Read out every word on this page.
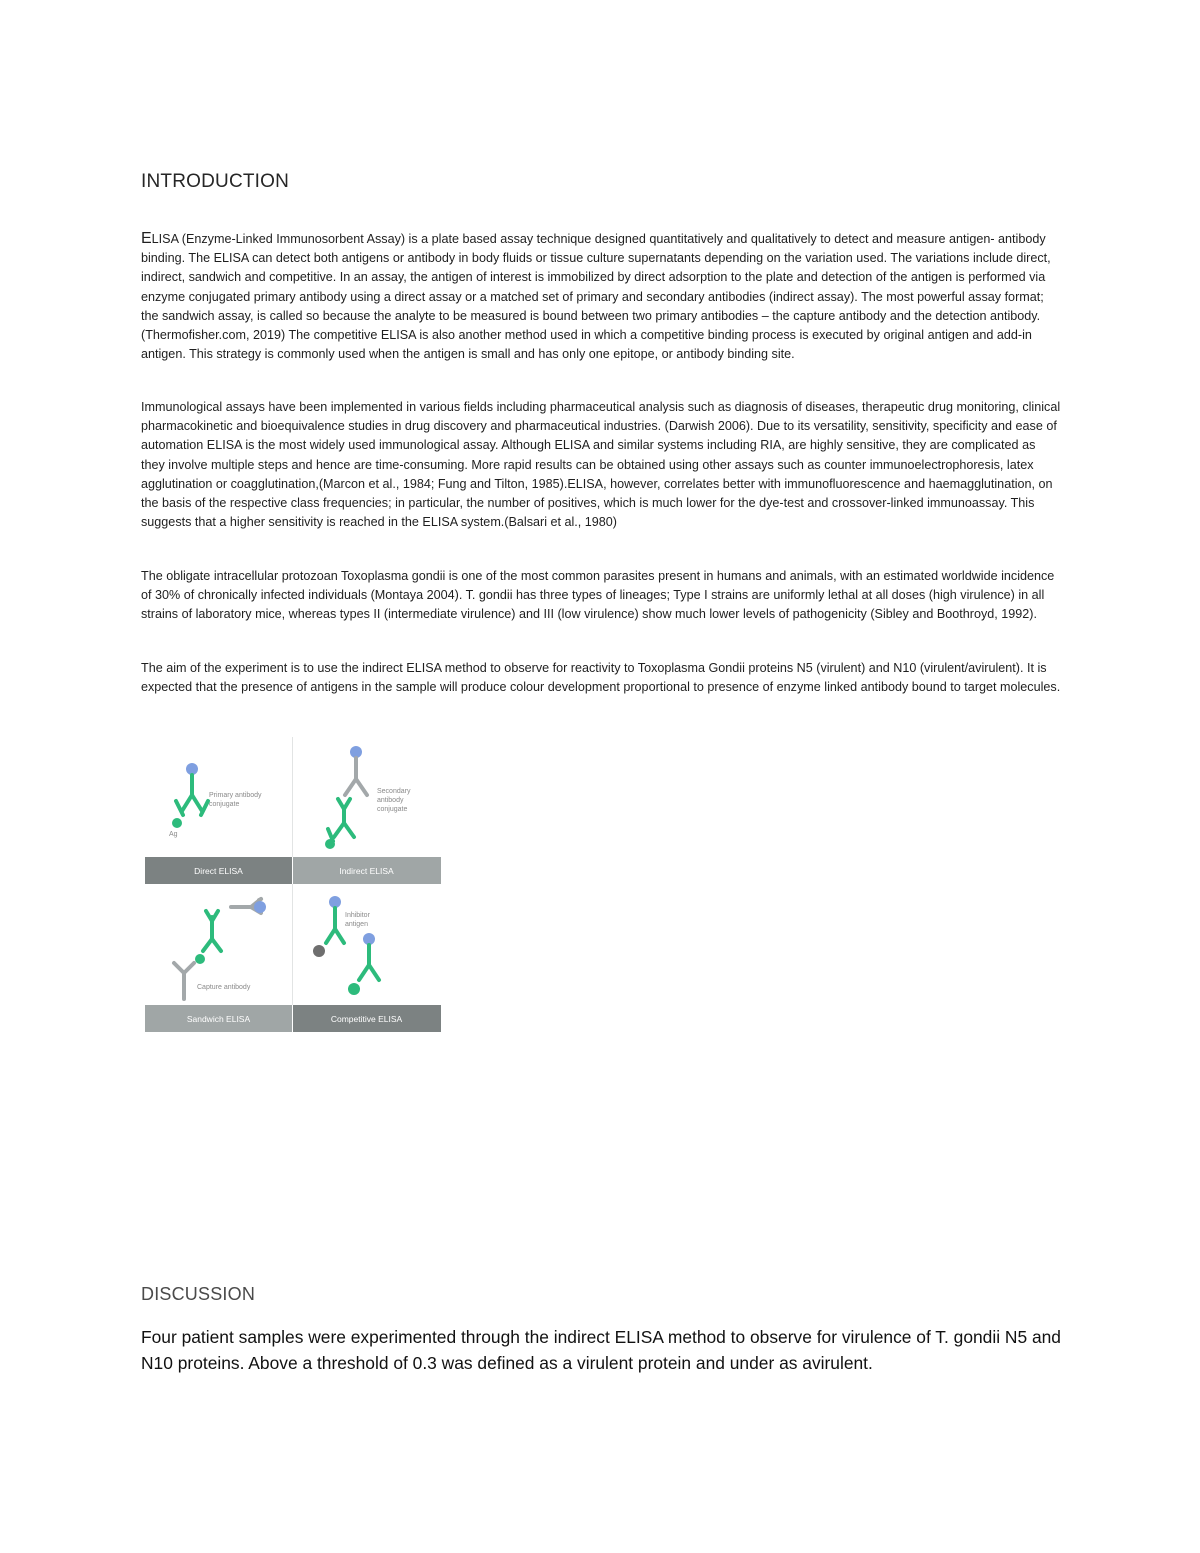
INTRODUCTION

ELISA (Enzyme-Linked Immunosorbent Assay) is a plate based assay technique designed quantitatively and qualitatively to detect and measure antigen- antibody binding. The ELISA can detect both antigens or antibody in body fluids or tissue culture supernatants depending on the variation used. The variations include direct, indirect, sandwich and competitive. In an assay, the antigen of interest is immobilized by direct adsorption to the plate and detection of the antigen is performed via enzyme conjugated primary antibody using a direct assay or a matched set of primary and secondary antibodies (indirect assay). The most powerful assay format; the sandwich assay, is called so because the analyte to be measured is bound between two primary antibodies – the capture antibody and the detection antibody. (Thermofisher.com, 2019) The competitive ELISA is also another method used in which a competitive binding process is executed by original antigen and add-in antigen. This strategy is commonly used when the antigen is small and has only one epitope, or antibody binding site.

Immunological assays have been implemented in various fields including pharmaceutical analysis such as diagnosis of diseases, therapeutic drug monitoring, clinical pharmacokinetic and bioequivalence studies in drug discovery and pharmaceutical industries. (Darwish 2006). Due to its versatility, sensitivity, specificity and ease of automation ELISA is the most widely used immunological assay. Although ELISA and similar systems including RIA, are highly sensitive, they are complicated as they involve multiple steps and hence are time-consuming. More rapid results can be obtained using other assays such as counter immunoelectrophoresis, latex agglutination or coagglutination,(Marcon et al., 1984; Fung and Tilton, 1985).ELISA, however, correlates better with immunofluorescence and haemagglutination, on the basis of the respective class frequencies; in particular, the number of positives, which is much lower for the dye-test and crossover-linked immunoassay. This suggests that a higher sensitivity is reached in the ELISA system.(Balsari et al., 1980)

The obligate intracellular protozoan Toxoplasma gondii is one of the most common parasites present in humans and animals, with an estimated worldwide incidence of 30% of chronically infected individuals (Montaya 2004). T. gondii has three types of lineages; Type I strains are uniformly lethal at all doses (high virulence) in all strains of laboratory mice, whereas types II (intermediate virulence) and III (low virulence) show much lower levels of pathogenicity (Sibley and Boothroyd, 1992).

The aim of the experiment is to use the indirect ELISA method to observe for reactivity to Toxoplasma Gondii proteins N5 (virulent) and N10 (virulent/avirulent). It is expected that the presence of antigens in the sample will produce colour development proportional to presence of enzyme linked antibody bound to target molecules.

Primary antibody
conjugate
Ag
Secondary
antibody
conjugate
Direct ELISA	Indirect ELISA
Capture antibody
Inhibitor
antigen
Sandwich ELISA	Competitive ELISA
DISCUSSION

Four patient samples were experimented through the indirect ELISA method to observe for virulence of T. gondii N5 and N10 proteins. Above a threshold of 0.3 was defined as a virulent protein and under as avirulent.
